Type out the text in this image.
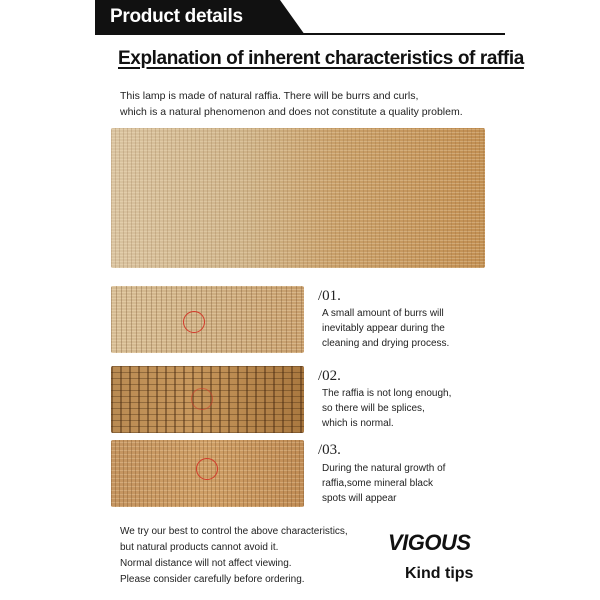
Product details
Explanation of inherent characteristics of raffia
This lamp is made of natural raffia. There will be burrs and curls,
which is a natural phenomenon and does not constitute a quality problem.
/01.
A small amount of burrs will
inevitably appear during the
cleaning and drying process.
/02.
The raffia is not long enough,
so there will be splices,
which is normal.
/03.
During the natural growth of
raffia,some mineral black
spots will appear
We try our best to control the above characteristics,
but natural products cannot avoid it.
Normal distance will not affect viewing.
Please consider carefully before ordering.
VIGOUS
Kind tips
